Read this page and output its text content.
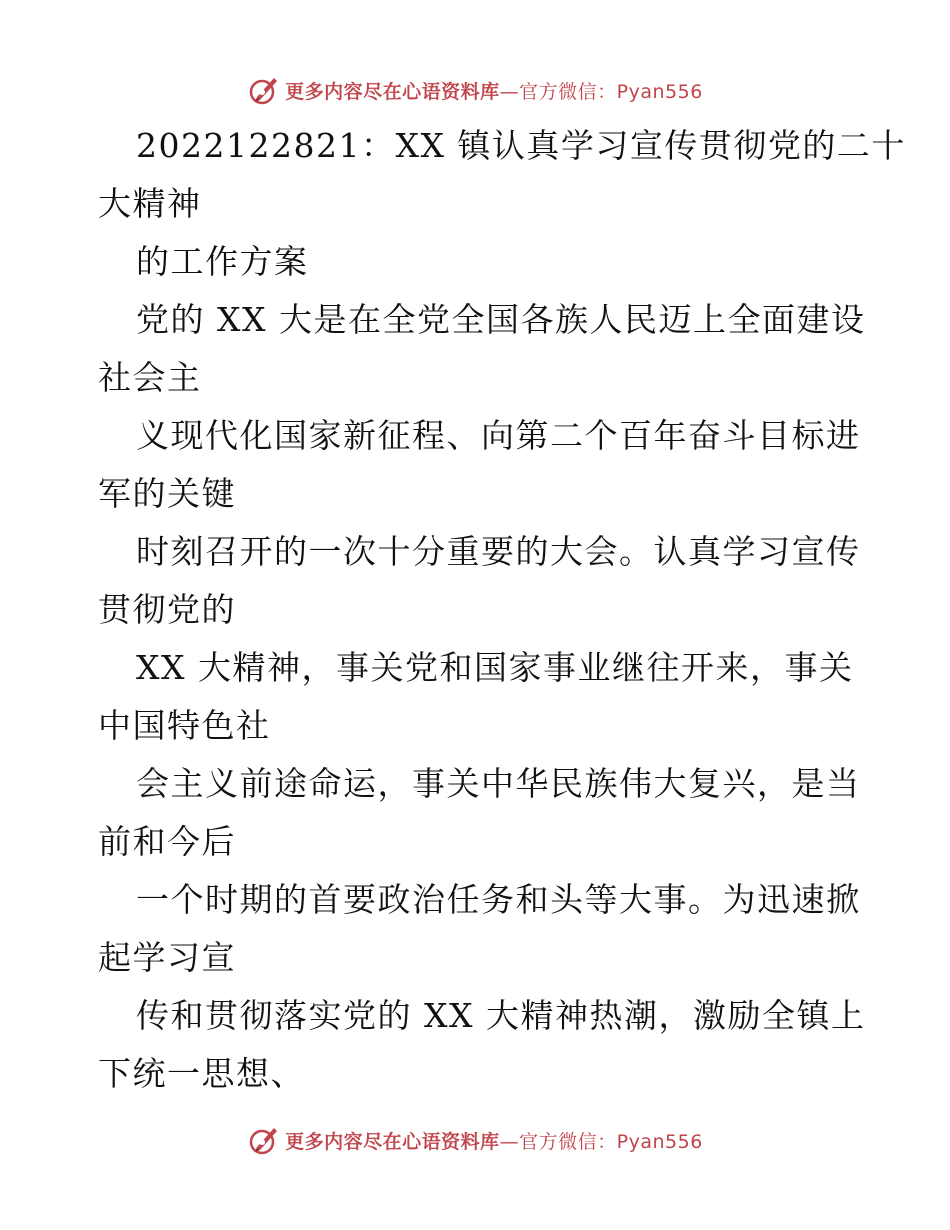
更多内容尽在心语资料库—官方微信：Pyan556
2022122821：XX 镇认真学习宣传贯彻党的二十
大精神
的工作方案
党的 XX 大是在全党全国各族人民迈上全面建设
社会主
义现代化国家新征程、向第二个百年奋斗目标进
军的关键
时刻召开的一次十分重要的大会。认真学习宣传
贯彻党的
XX 大精神，事关党和国家事业继往开来，事关
中国特色社
会主义前途命运，事关中华民族伟大复兴，是当
前和今后
一个时期的首要政治任务和头等大事。为迅速掀
起学习宣
传和贯彻落实党的 XX 大精神热潮，激励全镇上
下统一思想、
更多内容尽在心语资料库—官方微信：Pyan556
